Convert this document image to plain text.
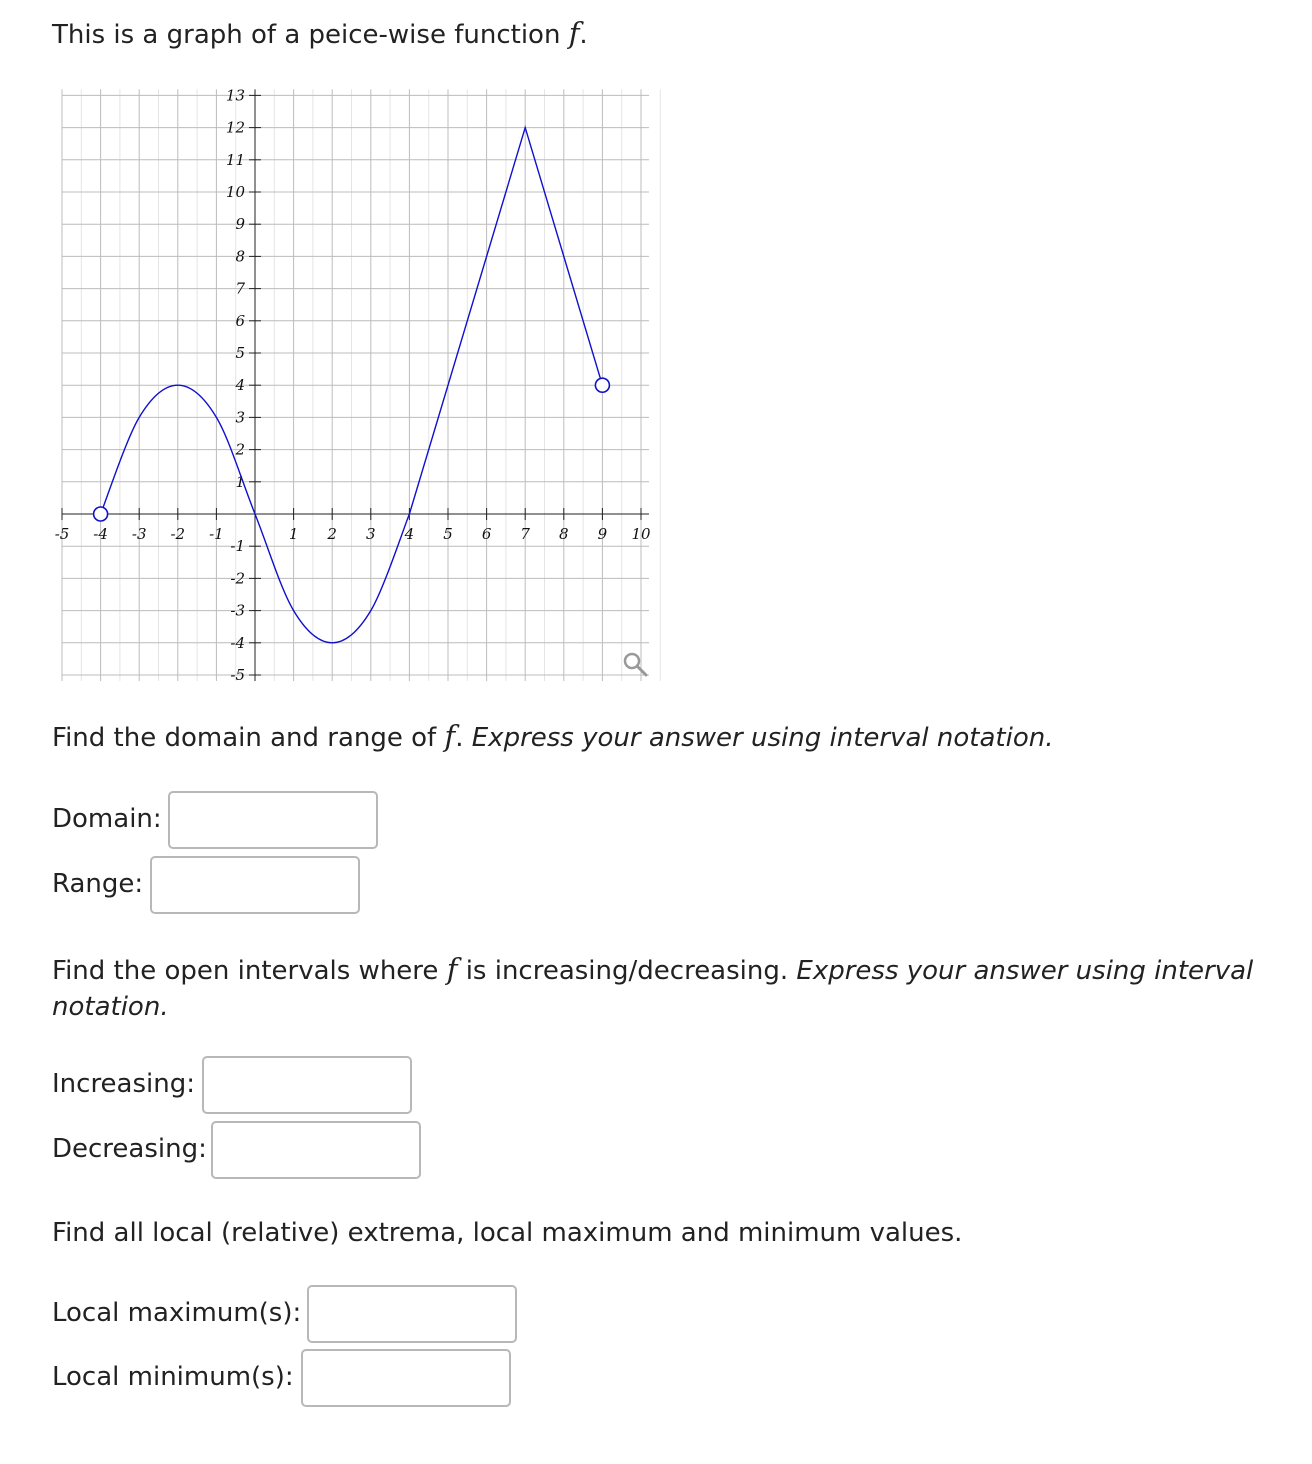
This is a graph of a peice-wise function f.
-5 -4 -3 -2 -1	1 2 3 4 5 6 7 8 9 10
13
12
11
10
9
8
7
6
5
4
3
2
1
-1
-2
-3
-4
-5
Find the domain and range of f. Express your answer using interval notation.
Domain:
Range:
Find the open intervals where f is increasing/decreasing. Express your answer using interval notation.
Increasing:
Decreasing:
Find all local (relative) extrema, local maximum and minimum values.
Local maximum(s):
Local minimum(s):
